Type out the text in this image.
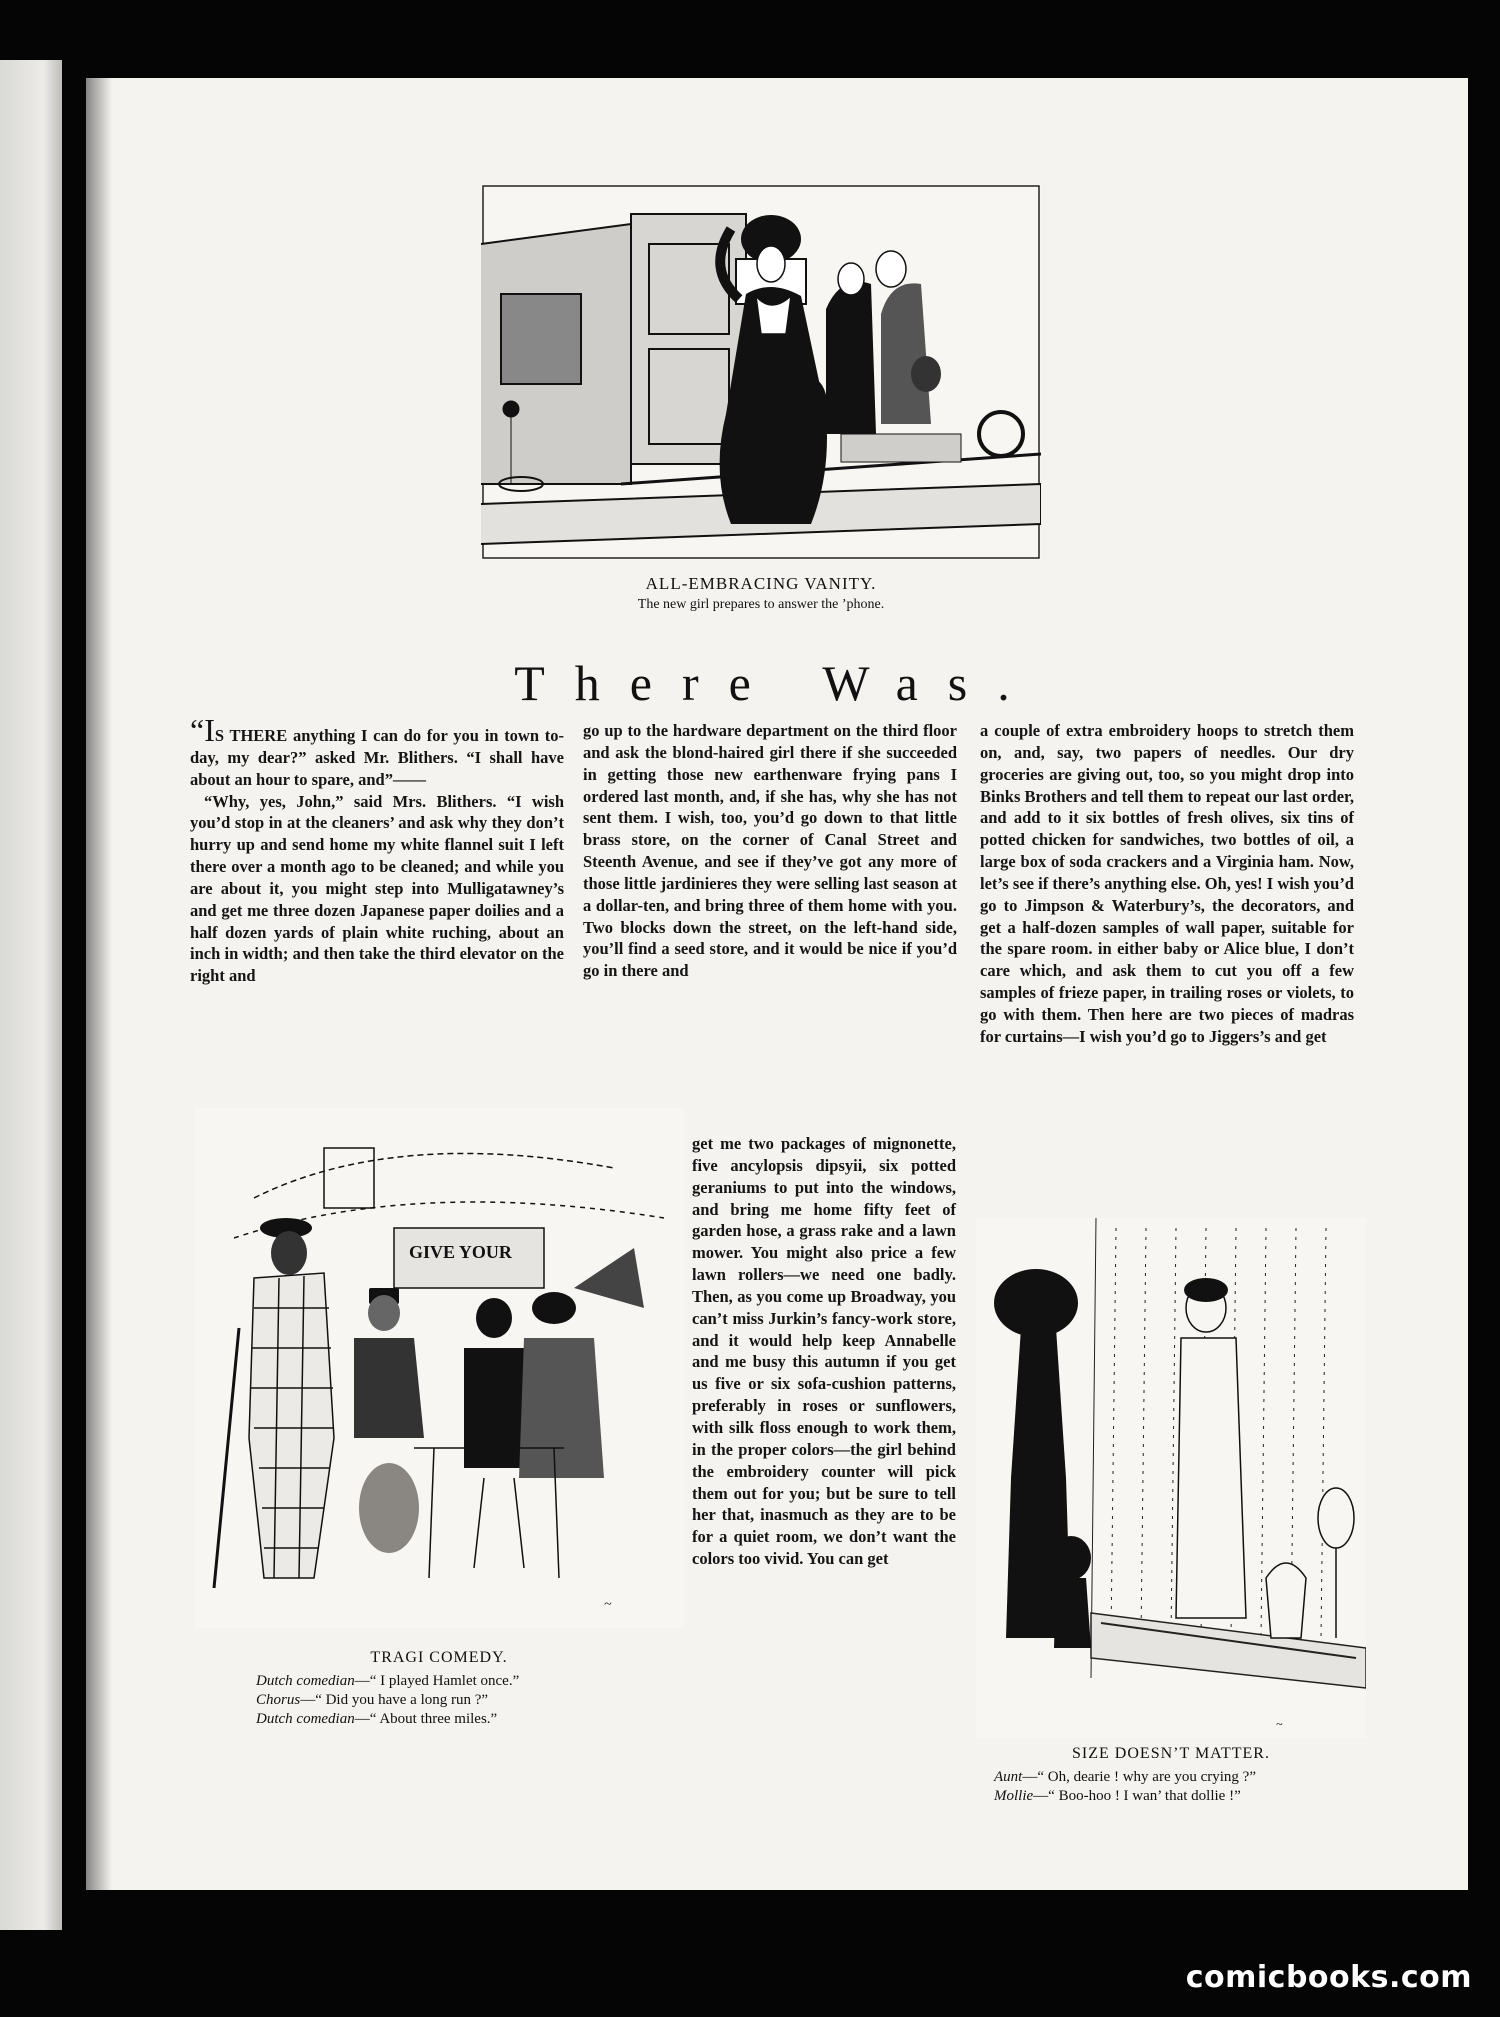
ALL-EMBRACING VANITY.
The new girl prepares to answer the ’phone.
There Was.

“IS THERE anything I can do for you in town to-day, my dear?” asked Mr. Blithers. “I shall have about an hour to spare, and”——

“Why, yes, John,” said Mrs. Blithers. “I wish you’d stop in at the cleaners’ and ask why they don’t hurry up and send home my white flannel suit I left there over a month ago to be cleaned; and while you are about it, you might step into Mulligatawney’s and get me three dozen Japanese paper doilies and a half dozen yards of plain white ruching, about an inch in width; and then take the third elevator on the right and

go up to the hardware department on the third floor and ask the blond-haired girl there if she succeeded in getting those new earthenware frying pans I ordered last month, and, if she has, why she has not sent them. I wish, too, you’d go down to that little brass store, on the corner of Canal Street and Steenth Avenue, and see if they’ve got any more of those little jardinieres they were selling last season at a dollar-ten, and bring three of them home with you. Two blocks down the street, on the left-hand side, you’ll find a seed store, and it would be nice if you’d go in there and

get me two packages of mignonette, five ancylopsis dipsyii, six potted geraniums to put into the windows, and bring me home fifty feet of garden hose, a grass rake and a lawn mower. You might also price a few lawn rollers—we need one badly. Then, as you come up Broadway, you can’t miss Jurkin’s fancy-work store, and it would help keep Annabelle and me busy this autumn if you get us five or six sofa-cushion patterns, preferably in roses or sunflowers, with silk floss enough to work them, in the proper colors—the girl behind the embroidery counter will pick them out for you; but be sure to tell her that, inasmuch as they are to be for a quiet room, we don’t want the colors too vivid. You can get

a couple of extra embroidery hoops to stretch them on, and, say, two papers of needles. Our dry groceries are giving out, too, so you might drop into Binks Brothers and tell them to repeat our last order, and add to it six bottles of fresh olives, six tins of potted chicken for sandwiches, two bottles of oil, a large box of soda crackers and a Virginia ham. Now, let’s see if there’s anything else. Oh, yes! I wish you’d go to Jimpson & Waterbury’s, the decorators, and get a half-dozen samples of wall paper, suitable for the spare room. in either baby or Alice blue, I don’t care which, and ask them to cut you off a few samples of frieze paper, in trailing roses or violets, to go with them. Then here are two pieces of madras for curtains—I wish you’d go to Jiggers’s and get

GIVE YOUR
~
TRAGI COMEDY.
Dutch comedian—“ I played Hamlet once.”
Chorus—“ Did you have a long run ?”
Dutch comedian—“ About three miles.”	~
SIZE DOESN’T MATTER.
Aunt—“ Oh, dearie ! why are you crying ?”
Mollie—“ Boo-hoo ! I wan’ that dollie !”
comicbooks.com
